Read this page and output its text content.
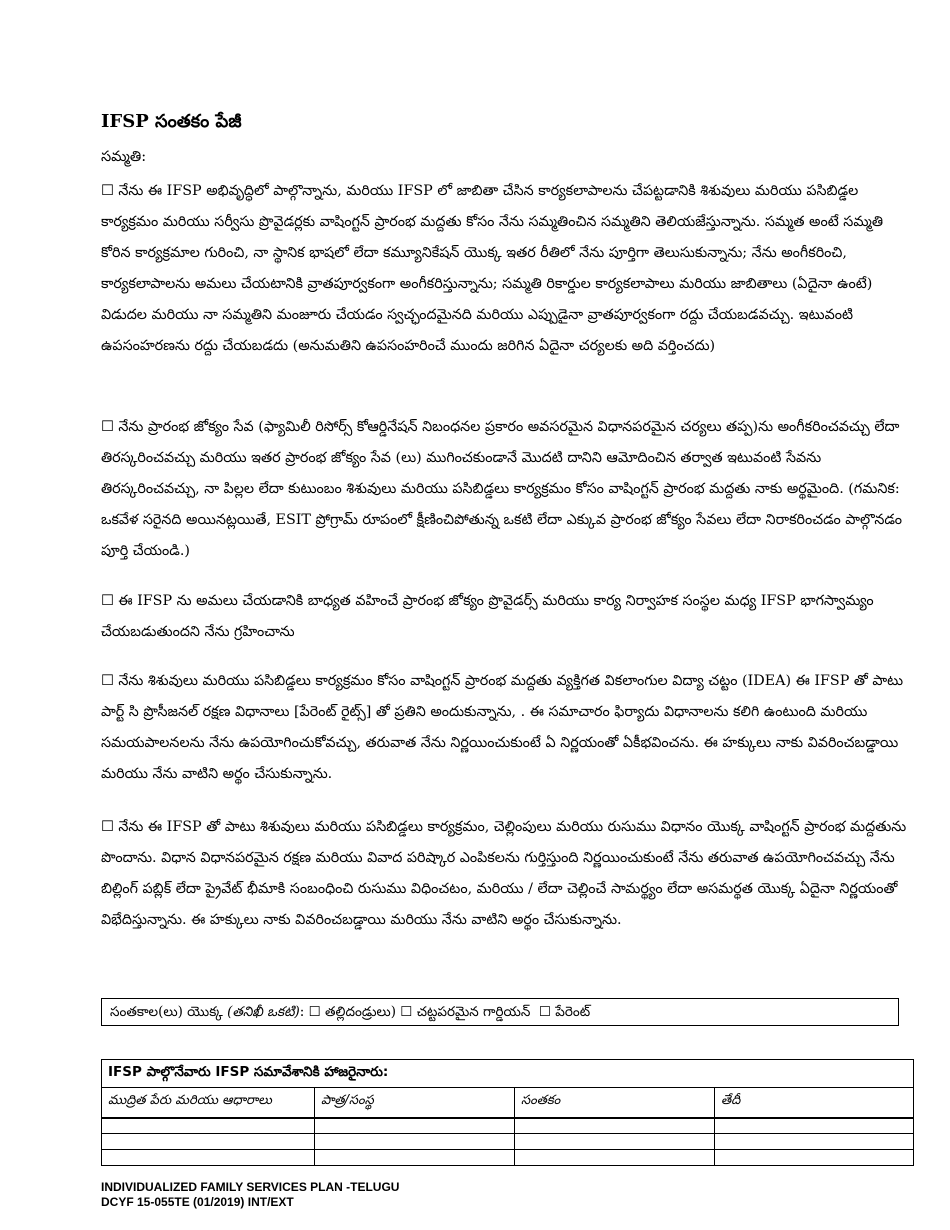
IFSP సంతకం పేజీ
సమ్మతి:

☐ నేను ఈ IFSP అభివృద్ధిలో పాల్గొన్నాను, మరియు IFSP లో జాబితా చేసిన కార్యకలాపాలను చేపట్టడానికి శిశువులు మరియు పసిబిడ్డల కార్యక్రమం మరియు సర్వీసు ప్రొవైడర్లకు వాషింగ్టన్ ప్రారంభ మద్దతు కోసం నేను సమ్మతించిన సమ్మతిని తెలియజేస్తున్నాను. సమ్మత అంటే సమ్మతి కోరిన కార్యక్రమాల గురించి, నా స్థానిక భాషలో లేదా కమ్యూనికేషన్ యొక్క ఇతర రీతిలో నేను పూర్తిగా తెలుసుకున్నాను; నేను అంగీకరించి, కార్యకలాపాలను అమలు చేయటానికి వ్రాతపూర్వకంగా అంగీకరిస్తున్నాను; సమ్మతి రికార్డుల కార్యకలాపాలు మరియు జాబితాలు (ఏదైనా ఉంటే) విడుదల మరియు నా సమ్మతిని మంజూరు చేయడం స్వచ్ఛందమైనది మరియు ఎప్పుడైనా వ్రాతపూర్వకంగా రద్దు చేయబడవచ్చు. ఇటువంటి ఉపసంహరణను రద్దు చేయబడదు (అనుమతిని ఉపసంహరించే ముందు జరిగిన ఏదైనా చర్యలకు అది వర్తించదు)

☐ నేను ప్రారంభ జోక్యం సేవ (ఫ్యామిలీ రిసోర్స్ కోఆర్డినేషన్ నిబంధనల ప్రకారం అవసరమైన విధానపరమైన చర్యలు తప్ప)ను అంగీకరించవచ్చు లేదా తిరస్కరించవచ్చు మరియు ఇతర ప్రారంభ జోక్యం సేవ (లు) ముగించకుండానే మొదటి దానిని ఆమోదించిన తర్వాత ఇటువంటి సేవను తిరస్కరించవచ్చు, నా పిల్లల లేదా కుటుంబం శిశువులు మరియు పసిబిడ్డలు కార్యక్రమం కోసం వాషింగ్టన్ ప్రారంభ మద్దతు నాకు అర్థమైంది. (గమనిక: ఒకవేళ సరైనది అయినట్లయితే, ESIT ప్రోగ్రామ్ రూపంలో క్షీణించిపోతున్న ఒకటి లేదా ఎక్కువ ప్రారంభ జోక్యం సేవలు లేదా నిరాకరించడం పాల్గొనడం పూర్తి చేయండి.)

☐ ఈ IFSP ను అమలు చేయడానికి బాధ్యత వహించే ప్రారంభ జోక్యం ప్రొవైడర్స్ మరియు కార్య నిర్వాహక సంస్థల మధ్య IFSP భాగస్వామ్యం చేయబడుతుందని నేను గ్రహించాను

☐ నేను శిశువులు మరియు పసిబిడ్డలు కార్యక్రమం కోసం వాషింగ్టన్ ప్రారంభ మద్దతు వ్యక్తిగత వికలాంగుల విద్యా చట్టం (IDEA) ఈ IFSP తో పాటు పార్ట్ సి ప్రొసీజనల్ రక్షణ విధానాలు [పేరెంట్ రైట్స్] తో ప్రతిని అందుకున్నాను, . ఈ సమాచారం ఫిర్యాదు విధానాలను కలిగి ఉంటుంది మరియు సమయపాలనలను నేను ఉపయోగించుకోవచ్చు, తరువాత నేను నిర్ణయించుకుంటే ఏ నిర్ణయంతో ఏకీభవించను. ఈ హక్కులు నాకు వివరించబడ్డాయి మరియు నేను వాటిని అర్థం చేసుకున్నాను.

☐ నేను ఈ IFSP తో పాటు శిశువులు మరియు పసిబిడ్డలు కార్యక్రమం, చెల్లింపులు మరియు రుసుము విధానం యొక్క వాషింగ్టన్ ప్రారంభ మద్దతును పొందాను. విధాన విధానపరమైన రక్షణ మరియు వివాద పరిష్కార ఎంపికలను గుర్తిస్తుంది నిర్ణయించుకుంటే నేను తరువాత ఉపయోగించవచ్చు నేను బిల్లింగ్ పబ్లిక్ లేదా ప్రైవేట్ భీమాకి సంబంధించి రుసుము విధించటం, మరియు / లేదా చెల్లించే సామర్థ్యం లేదా అసమర్థత యొక్క ఏదైనా నిర్ణయంతో విభేదిస్తున్నాను. ఈ హక్కులు నాకు వివరించబడ్డాయి మరియు నేను వాటిని అర్థం చేసుకున్నాను.

సంతకాల(లు) యొక్క (తనిఖీ ఒకటి): ☐ తల్లిదండ్రులు) ☐ చట్టపరమైన గార్డియన్ ☐ పేరెంట్
IFSP పాల్గొనేవారు IFSP సమావేశానికి హాజరైనారు:			
ముద్రిత పేరు మరియు ఆధారాలు	పాత్ర/సంస్థ	సంతకం	తేదీ

INDIVIDUALIZED FAMILY SERVICES PLAN -TELUGU
DCYF 15-055TE (01/2019) INT/EXT
